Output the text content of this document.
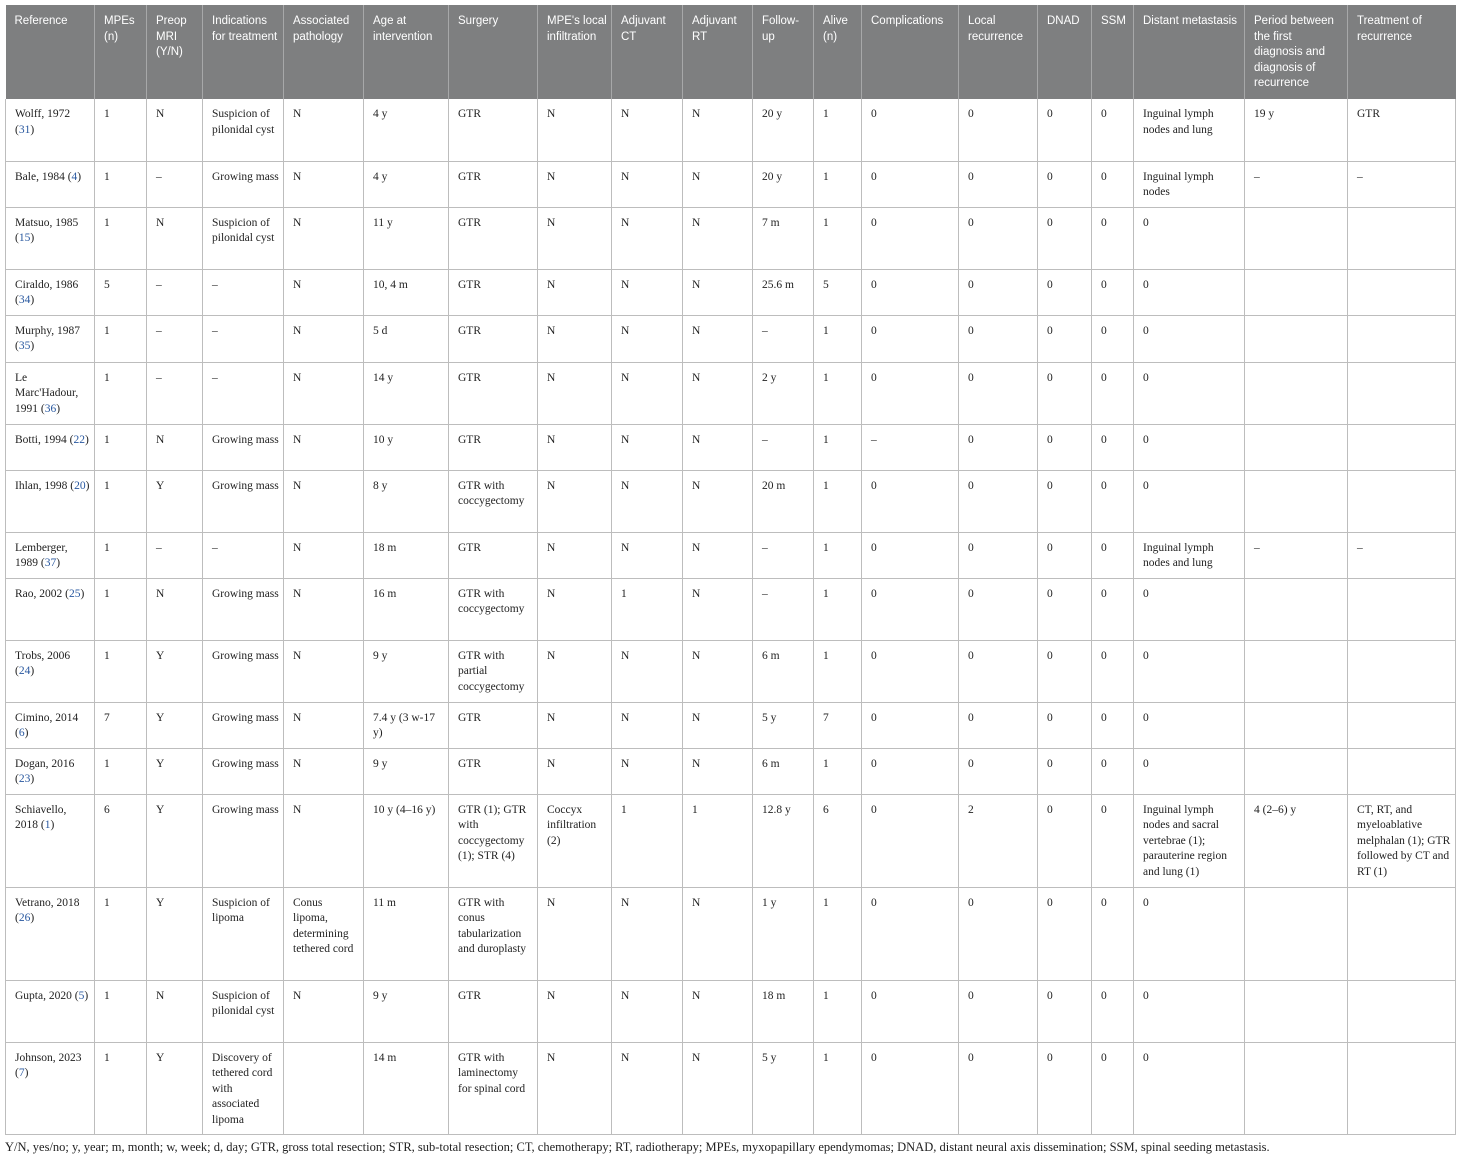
Reference	MPEs (n)	Preop MRI (Y/N)	Indications for treatment	Associated pathology	Age at intervention	Surgery	MPE's local infiltration	Adjuvant CT	Adjuvant RT	Follow-up	Alive (n)	Complications	Local recurrence	DNAD	SSM	Distant metastasis	Period between the first diagnosis and diagnosis of recurrence	Treatment of recurrence
Wolff, 1972 (31)	1	N	Suspicion of pilonidal cyst	N	4 y	GTR	N	N	N	20 y	1	0	0	0	0	Inguinal lymph nodes and lung	19 y	GTR
Bale, 1984 (4)	1	–	Growing mass	N	4 y	GTR	N	N	N	20 y	1	0	0	0	0	Inguinal lymph nodes	–	–
Matsuo, 1985 (15)	1	N	Suspicion of pilonidal cyst	N	11 y	GTR	N	N	N	7 m	1	0	0	0	0	0		
Ciraldo, 1986 (34)	5	–	–	N	10, 4 m	GTR	N	N	N	25.6 m	5	0	0	0	0	0		
Murphy, 1987 (35)	1	–	–	N	5 d	GTR	N	N	N	–	1	0	0	0	0	0		
Le Marc'Hadour, 1991 (36)	1	–	–	N	14 y	GTR	N	N	N	2 y	1	0	0	0	0	0		
Botti, 1994 (22)	1	N	Growing mass	N	10 y	GTR	N	N	N	–	1	–	0	0	0	0		
Ihlan, 1998 (20)	1	Y	Growing mass	N	8 y	GTR with coccygectomy	N	N	N	20 m	1	0	0	0	0	0		
Lemberger, 1989 (37)	1	–	–	N	18 m	GTR	N	N	N	–	1	0	0	0	0	Inguinal lymph nodes and lung	–	–
Rao, 2002 (25)	1	N	Growing mass	N	16 m	GTR with coccygectomy	N	1	N	–	1	0	0	0	0	0		
Trobs, 2006 (24)	1	Y	Growing mass	N	9 y	GTR with partial coccygectomy	N	N	N	6 m	1	0	0	0	0	0		
Cimino, 2014 (6)	7	Y	Growing mass	N	7.4 y (3 w-17 y)	GTR	N	N	N	5 y	7	0	0	0	0	0		
Dogan, 2016 (23)	1	Y	Growing mass	N	9 y	GTR	N	N	N	6 m	1	0	0	0	0	0		
Schiavello, 2018 (1)	6	Y	Growing mass	N	10 y (4–16 y)	GTR (1); GTR with coccygectomy (1); STR (4)	Coccyx infiltration (2)	1	1	12.8 y	6	0	2	0	0	Inguinal lymph nodes and sacral vertebrae (1); parauterine region and lung (1)	4 (2–6) y	CT, RT, and myeloablative melphalan (1); GTR followed by CT and RT (1)
Vetrano, 2018 (26)	1	Y	Suspicion of lipoma	Conus lipoma, determining tethered cord	11 m	GTR with conus tabularization and duroplasty	N	N	N	1 y	1	0	0	0	0	0		
Gupta, 2020 (5)	1	N	Suspicion of pilonidal cyst	N	9 y	GTR	N	N	N	18 m	1	0	0	0	0	0		
Johnson, 2023 (7)	1	Y	Discovery of tethered cord with associated lipoma		14 m	GTR with laminectomy for spinal cord	N	N	N	5 y	1	0	0	0	0	0		
Y/N, yes/no; y, year; m, month; w, week; d, day; GTR, gross total resection; STR, sub-total resection; CT, chemotherapy; RT, radiotherapy; MPEs, myxopapillary ependymomas; DNAD, distant neural axis dissemination; SSM, spinal seeding metastasis.
